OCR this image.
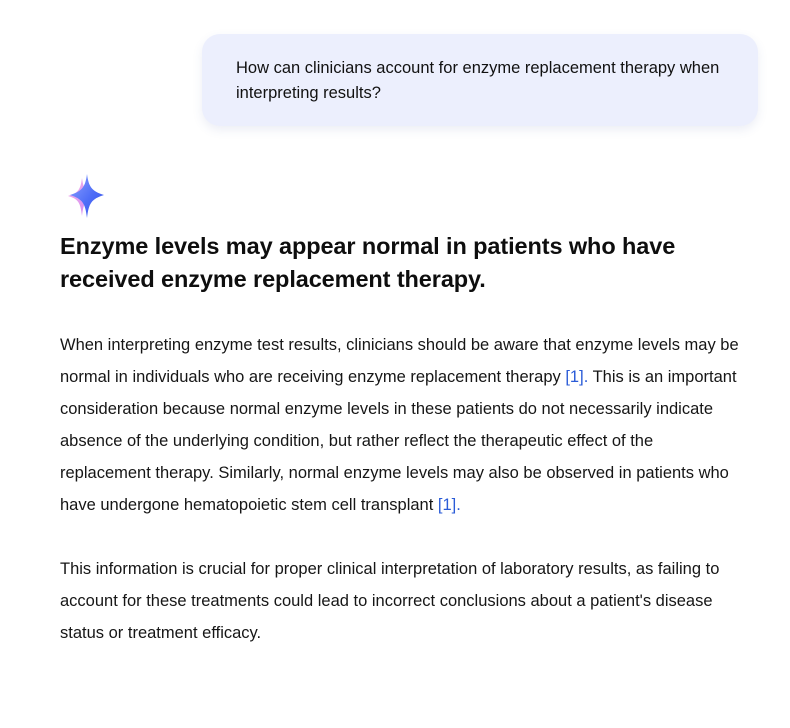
How can clinicians account for enzyme replacement therapy when interpreting results?
Enzyme levels may appear normal in patients who have received enzyme replacement therapy.

When interpreting enzyme test results, clinicians should be aware that enzyme levels may be normal in individuals who are receiving enzyme replacement therapy [1]. This is an important consideration because normal enzyme levels in these patients do not necessarily indicate absence of the underlying condition, but rather reflect the therapeutic effect of the replacement therapy. Similarly, normal enzyme levels may also be observed in patients who have undergone hematopoietic stem cell transplant [1].

This information is crucial for proper clinical interpretation of laboratory results, as failing to account for these treatments could lead to incorrect conclusions about a patient's disease status or treatment efficacy.
